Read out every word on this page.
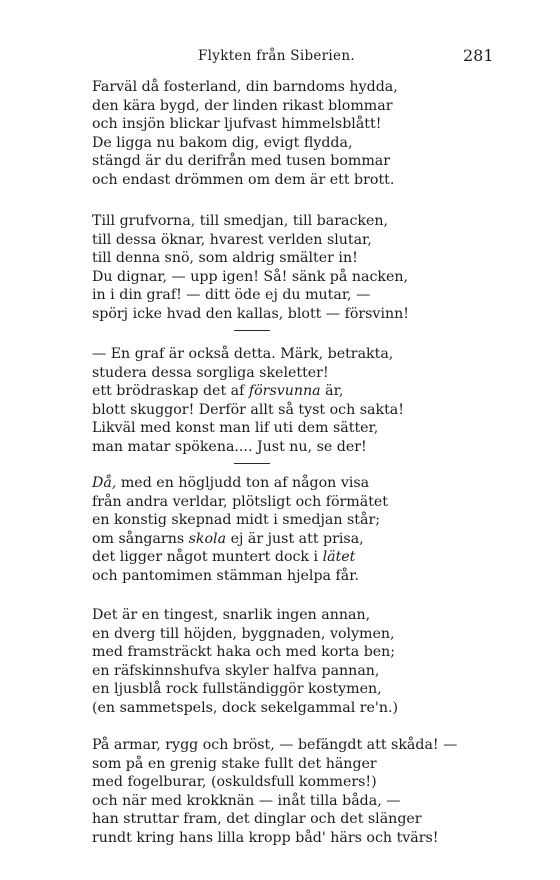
Flykten från Siberien.	281
Farväl då fosterland, din barndoms hydda,
den kära bygd, der linden rikast blommar
och insjön blickar ljufvast himmelsblått!
De ligga nu bakom dig, evigt flydda,
stängd är du derifrån med tusen bommar
och endast drömmen om dem är ett brott.
Till grufvorna, till smedjan, till baracken,
till dessa öknar, hvarest verlden slutar,
till denna snö, som aldrig smälter in!
Du dignar, — upp igen! Så! sänk på nacken,
in i din graf! — ditt öde ej du mutar, —
spörj icke hvad den kallas, blott — försvinn!
— En graf är också detta. Märk, betrakta,
studera dessa sorgliga skeletter!
ett brödraskap det af försvunna är,
blott skuggor! Derför allt så tyst och sakta!
Likväl med konst man lif uti dem sätter,
man matar spökena.... Just nu, se der!
Då, med en högljudd ton af någon visa
från andra verldar, plötsligt och förmätet
en konstig skepnad midt i smedjan står;
om sångarns skola ej är just att prisa,
det ligger något muntert dock i lätet
och pantomimen stämman hjelpa får.
Det är en tingest, snarlik ingen annan,
en dverg till höjden, byggnaden, volymen,
med framsträckt haka och med korta ben;
en räfskinnshufva skyler halfva pannan,
en ljusblå rock fullständiggör kostymen,
(en sammetspels, dock sekelgammal re'n.)
På armar, rygg och bröst, — befängdt att skåda! —
som på en grenig stake fullt det hänger
med fogelburar, (oskuldsfull kommers!)
och när med krokknän — inåt tilla båda, —
han struttar fram, det dinglar och det slänger
rundt kring hans lilla kropp båd' härs och tvärs!
